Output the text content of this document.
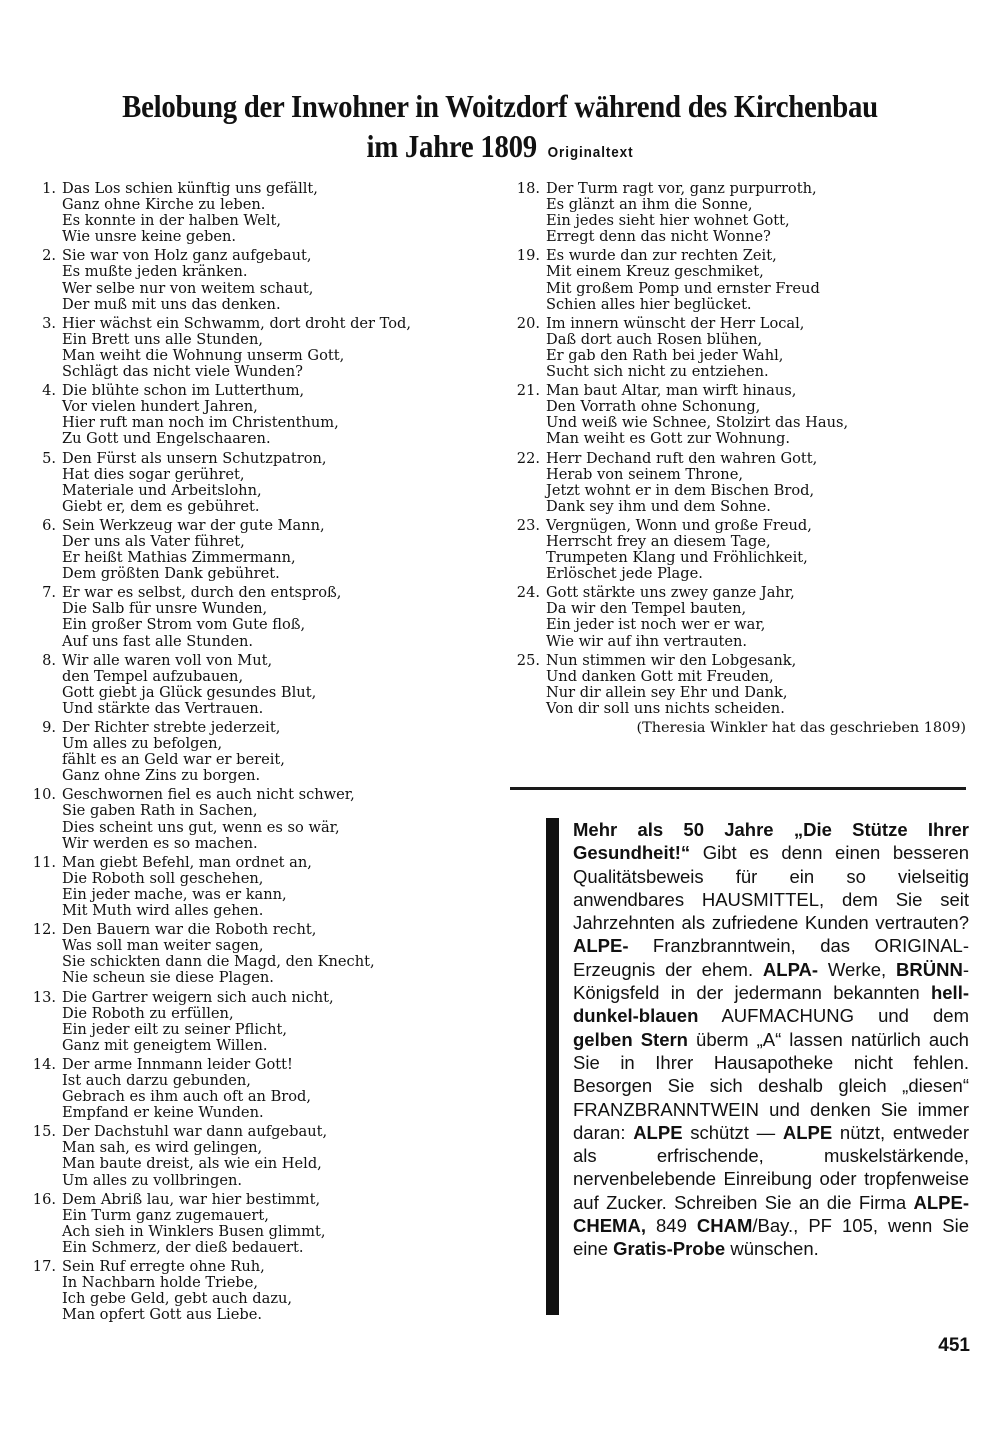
Belobung der Inwohner in Woitzdorf während des Kirchenbau
im Jahre 1809 Originaltext
1. Das Los schien künftig uns gefällt,
Ganz ohne Kirche zu leben.
Es konnte in der halben Welt,
Wie unsre keine geben.
2. Sie war von Holz ganz aufgebaut,
Es mußte jeden kränken.
Wer selbe nur von weitem schaut,
Der muß mit uns das denken.
3. Hier wächst ein Schwamm, dort droht der Tod,
Ein Brett uns alle Stunden,
Man weiht die Wohnung unserm Gott,
Schlägt das nicht viele Wunden?
4. Die blühte schon im Lutterthum,
Vor vielen hundert Jahren,
Hier ruft man noch im Christenthum,
Zu Gott und Engelschaaren.
5. Den Fürst als unsern Schutzpatron,
Hat dies sogar gerühret,
Materiale und Arbeitslohn,
Giebt er, dem es gebühret.
6. Sein Werkzeug war der gute Mann,
Der uns als Vater führet,
Er heißt Mathias Zimmermann,
Dem größten Dank gebühret.
7. Er war es selbst, durch den entsproß,
Die Salb für unsre Wunden,
Ein großer Strom vom Gute floß,
Auf uns fast alle Stunden.
8. Wir alle waren voll von Mut,
den Tempel aufzubauen,
Gott giebt ja Glück gesundes Blut,
Und stärkte das Vertrauen.
9. Der Richter strebte jederzeit,
Um alles zu befolgen,
fählt es an Geld war er bereit,
Ganz ohne Zins zu borgen.
10. Geschwornen fiel es auch nicht schwer,
Sie gaben Rath in Sachen,
Dies scheint uns gut, wenn es so wär,
Wir werden es so machen.
11. Man giebt Befehl, man ordnet an,
Die Roboth soll geschehen,
Ein jeder mache, was er kann,
Mit Muth wird alles gehen.
12. Den Bauern war die Roboth recht,
Was soll man weiter sagen,
Sie schickten dann die Magd, den Knecht,
Nie scheun sie diese Plagen.
13. Die Gartrer weigern sich auch nicht,
Die Roboth zu erfüllen,
Ein jeder eilt zu seiner Pflicht,
Ganz mit geneigtem Willen.
14. Der arme Innmann leider Gott!
Ist auch darzu gebunden,
Gebrach es ihm auch oft an Brod,
Empfand er keine Wunden.
15. Der Dachstuhl war dann aufgebaut,
Man sah, es wird gelingen,
Man baute dreist, als wie ein Held,
Um alles zu vollbringen.
16. Dem Abriß lau, war hier bestimmt,
Ein Turm ganz zugemauert,
Ach sieh in Winklers Busen glimmt,
Ein Schmerz, der dieß bedauert.
17. Sein Ruf erregte ohne Ruh,
In Nachbarn holde Triebe,
Ich gebe Geld, gebt auch dazu,
Man opfert Gott aus Liebe.
18. Der Turm ragt vor, ganz purpurroth,
Es glänzt an ihm die Sonne,
Ein jedes sieht hier wohnet Gott,
Erregt denn das nicht Wonne?
19. Es wurde dan zur rechten Zeit,
Mit einem Kreuz geschmiket,
Mit großem Pomp und ernster Freud
Schien alles hier beglücket.
20. Im innern wünscht der Herr Local,
Daß dort auch Rosen blühen,
Er gab den Rath bei jeder Wahl,
Sucht sich nicht zu entziehen.
21. Man baut Altar, man wirft hinaus,
Den Vorrath ohne Schonung,
Und weiß wie Schnee, Stolzirt das Haus,
Man weiht es Gott zur Wohnung.
22. Herr Dechand ruft den wahren Gott,
Herab von seinem Throne,
Jetzt wohnt er in dem Bischen Brod,
Dank sey ihm und dem Sohne.
23. Vergnügen, Wonn und große Freud,
Herrscht frey an diesem Tage,
Trumpeten Klang und Fröhlichkeit,
Erlöschet jede Plage.
24. Gott stärkte uns zwey ganze Jahr,
Da wir den Tempel bauten,
Ein jeder ist noch wer er war,
Wie wir auf ihn vertrauten.
25. Nun stimmen wir den Lobgesank,
Und danken Gott mit Freuden,
Nur dir allein sey Ehr und Dank,
Von dir soll uns nichts scheiden.
(Theresia Winkler hat das geschrieben 1809)
Mehr als 50 Jahre „Die Stütze Ihrer Gesundheit!“ Gibt es denn einen besseren Qualitätsbeweis für ein so vielseitig anwendbares HAUSMITTEL, dem Sie seit Jahrzehnten als zufriedene Kunden vertrauten? ALPE- Franzbranntwein, das ORIGINAL-Erzeugnis der ehem. ALPA- Werke, BRÜNN-Königsfeld in der jedermann bekannten hell-dunkel-blauen AUFMACHUNG und dem gelben Stern überm „A“ lassen natürlich auch Sie in Ihrer Hausapotheke nicht fehlen. Besorgen Sie sich deshalb gleich „diesen“ FRANZBRANNTWEIN und denken Sie immer daran: ALPE schützt — ALPE nützt, entweder als erfrischende, muskelstärkende, nervenbelebende Einreibung oder tropfenweise auf Zucker. Schreiben Sie an die Firma ALPE-CHEMA, 849 CHAM/Bay., PF 105, wenn Sie eine Gratis-Probe wünschen.
451
